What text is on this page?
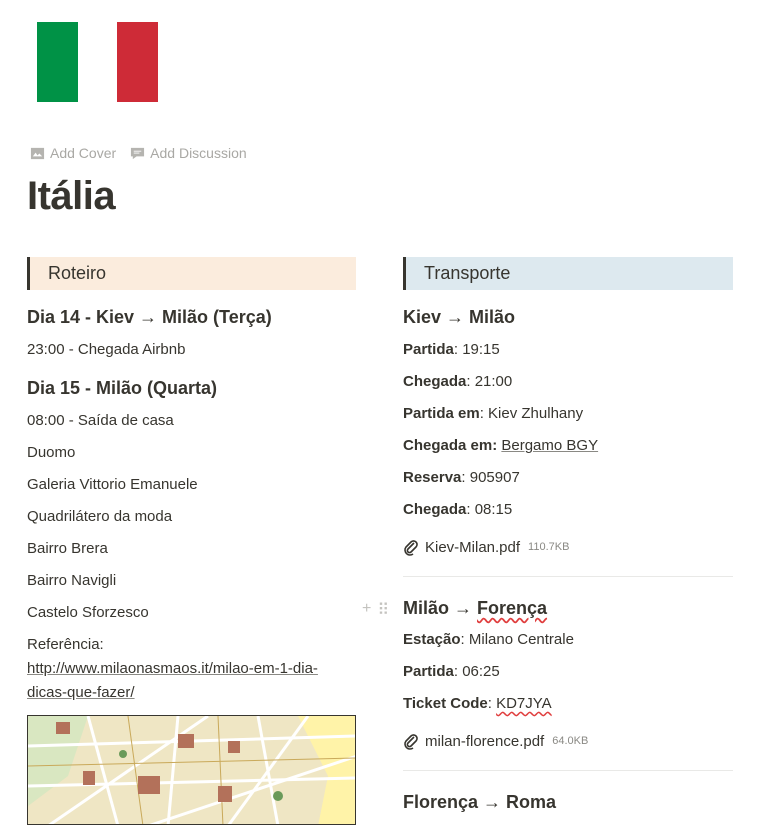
Add Cover Add Discussion
Itália
Roteiro
Dia 14 - Kiev → Milão (Terça)
23:00 - Chegada Airbnb
Dia 15 - Milão (Quarta)
08:00 - Saída de casa
Duomo
Galeria Vittorio Emanuele
Quadrilátero da moda
Bairro Brera
Bairro Navigli
Castelo Sforzesco
Referência:
http://www.milaonasmaos.it/milao-em-1-dia-
dicas-que-fazer/
+ ⠿
Transporte
Kiev → Milão
Partida: 19:15
Chegada: 21:00
Partida em: Kiev Zhulhany
Chegada em: Bergamo BGY
Reserva: 905907
Chegada: 08:15
Kiev-Milan.pdf 110.7KB
Milão → Forença
Estação: Milano Centrale
Partida: 06:25
Ticket Code: KD7JYA
milan-florence.pdf 64.0KB
Florença → Roma
